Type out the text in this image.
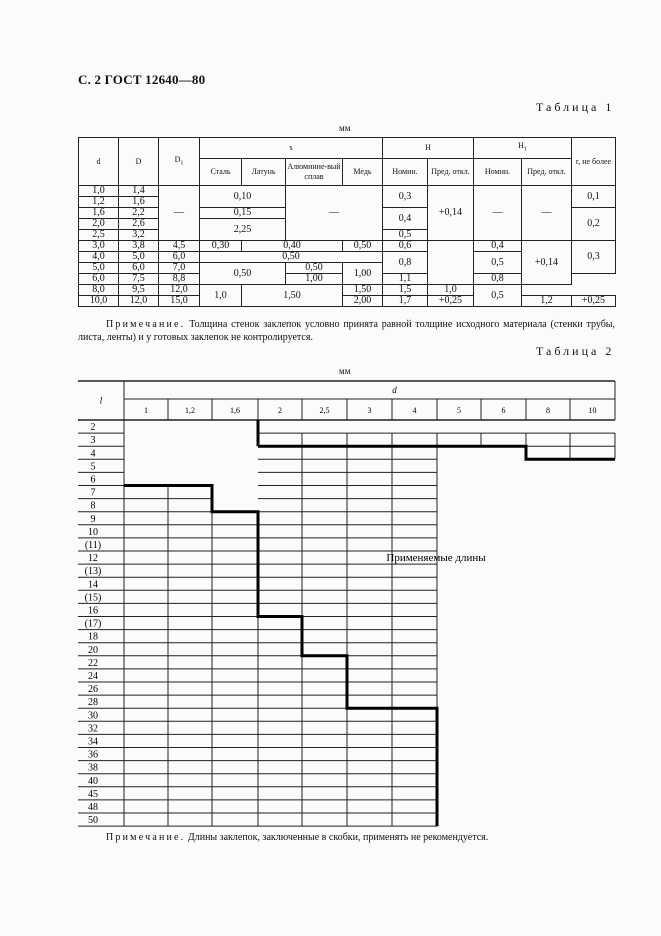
С. 2 ГОСТ 12640—80
Таблица 1
мм
d	D	$D_1$	s				H		$H_1$		r, не более
			Сталь	Латунь	Алюминие-вый сплав	Медь	Номин.	Пред. откл.	Номин.	Пред. откл.	
1,0	1,4	—	0,10		—		0,3	+0,14	—	—	0,1
1,2	1,6										
1,6	2,2		0,15				0,4				0,2
2,0	2,6		2,25								
2,5	3,2						0,5				
3,0	3,8	4,5	0,30	0,40		0,50	0,6		0,4	+0,14	0,3
4,0	5,0	6,0	0,50				0,8		0,5		
5,0	6,0	7,0	0,50		0,50	1,00					
6,0	7,5	8,8			1,00		1,1		0,8		
8,0	9,5	12,0	1,0	1,50		1,50	1,5	1,0	0,5		
10,0	12,0	15,0				2,00	1,7	+0,25		1,2	+0,25
Примечание. Толщина стенок заклепок условно принята равной толщине исходного материала (стенки трубы, листа, ленты) и у готовых заклепок не контролируется.
Таблица 2
мм
l
d
1	1,2	1,6	2	2,5	3	4	5	6	8	10
2
3
4
5
6
7
8
9
10
(11)
12
(13)
14
(15)
16
(17)
18
20
22
24
26
28
30
32
34
36
38
40
45
48
50
Применяемые длины
Примечание. Длины заклепок, заключенные в скобки, применять не рекомендуется.
